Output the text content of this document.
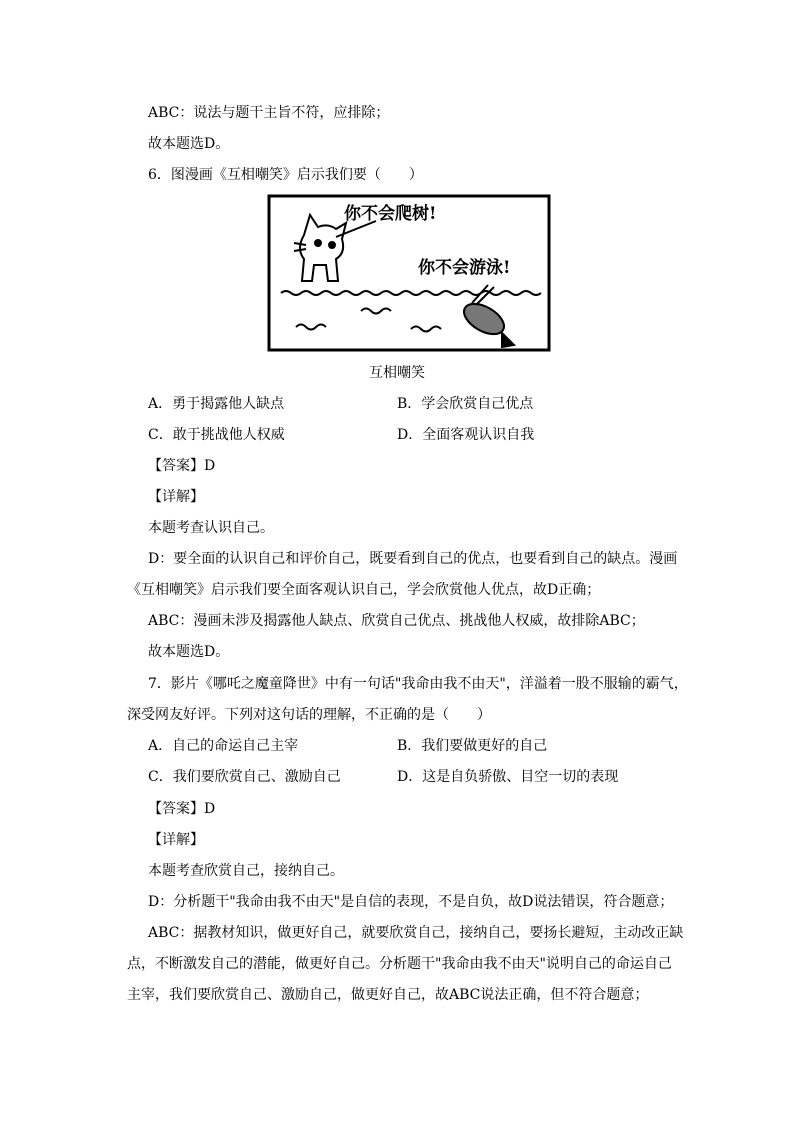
ABC：说法与题干主旨不符，应排除；
故本题选D。
6．图漫画《互相嘲笑》启示我们要（　　）
你不会爬树!
你不会游泳!
互相嘲笑
A．勇于揭露他人缺点	B．学会欣赏自己优点
C．敢于挑战他人权威	D．全面客观认识自我
【答案】D
【详解】
本题考查认识自己。
D：要全面的认识自己和评价自己，既要看到自己的优点，也要看到自己的缺点。漫画
《互相嘲笑》启示我们要全面客观认识自己，学会欣赏他人优点，故D正确；
ABC：漫画未涉及揭露他人缺点、欣赏自己优点、挑战他人权威，故排除ABC；
故本题选D。
7．影片《哪吒之魔童降世》中有一句话"我命由我不由天"，洋溢着一股不服输的霸气，
深受网友好评。下列对这句话的理解，不正确的是（　　）
A．自己的命运自己主宰	B．我们要做更好的自己
C．我们要欣赏自己、激励自己	D．这是自负骄傲、目空一切的表现
【答案】D
【详解】
本题考查欣赏自己，接纳自己。
D：分析题干"我命由我不由天"是自信的表现，不是自负，故D说法错误，符合题意；
ABC：据教材知识，做更好自己，就要欣赏自己，接纳自己，要扬长避短，主动改正缺
点，不断激发自己的潜能，做更好自己。分析题干"我命由我不由天"说明自己的命运自己
主宰，我们要欣赏自己、激励自己，做更好自己，故ABC说法正确，但不符合题意；
